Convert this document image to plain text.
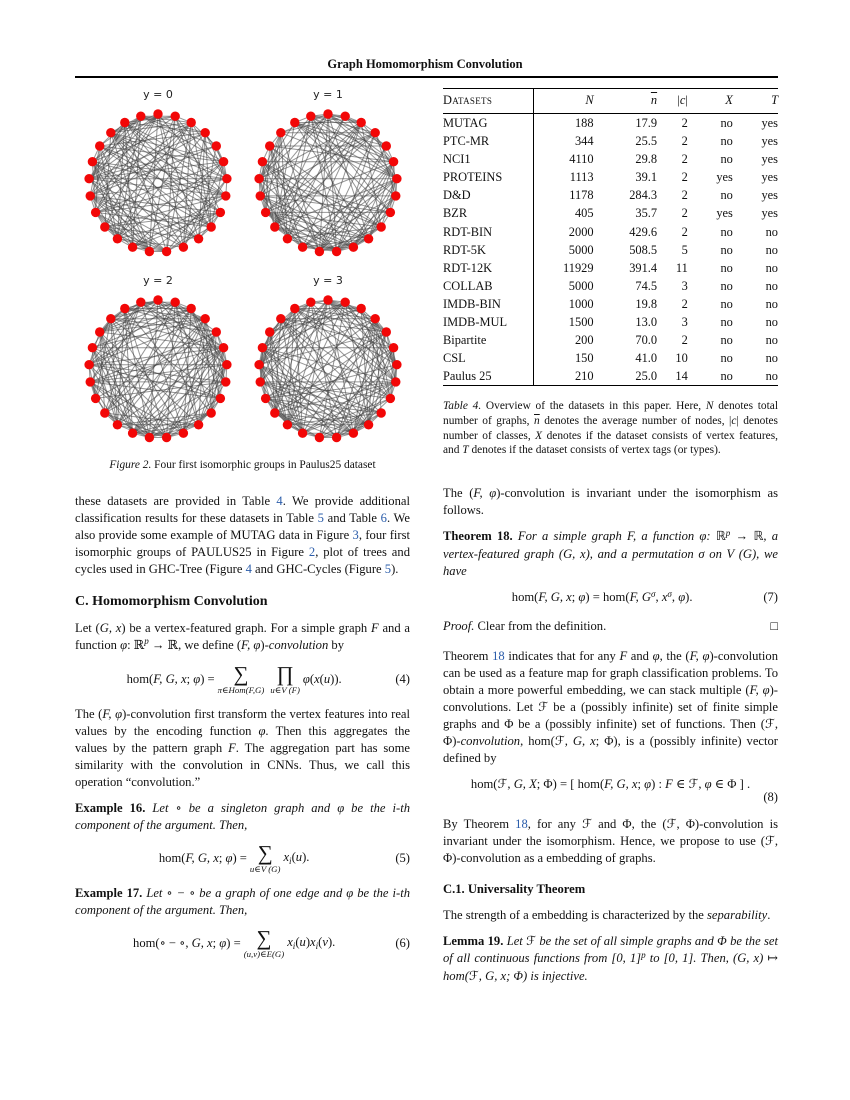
Graph Homomorphism Convolution
y = 0	y = 1
y = 2	y = 3
Figure 2. Four first isomorphic groups in Paulus25 dataset

these datasets are provided in Table 4. We provide additional classification results for these datasets in Table 5 and Table 6. We also provide some example of MUTAG data in Figure 3, four first isomorphic groups of PAULUS25 in Figure 2, plot of trees and cycles used in GHC-Tree (Figure 4 and GHC-Cycles (Figure 5).

C. Homomorphism Convolution

Let (G, x) be a vertex-featured graph. For a simple graph F and a function φ: ℝ$^p$ → ℝ, we define (F, φ)-convolution by

hom(F, G, x; φ) = ∑
π∈Hom(F,G)
∏
u∈V (F)
φ(x(u)).	(4)

The (F, φ)-convolution first transform the vertex features into real values by the encoding function φ. Then this aggregates the values by the pattern graph F. The aggregation part has some similarity with the convolution in CNNs. Thus, we call this operation “convolution.”

Example 16. Let ∘ be a singleton graph and φ be the i-th component of the argument. Then,

hom(F, G, x; φ) = ∑
u∈V (G)
$x_i(u)$.	(5)

Example 17. Let ∘ − ∘ be a graph of one edge and φ be the i-th component of the argument. Then,

hom(∘ − ∘, G, x; φ) = ∑
(u,v)∈E(G)
$x_i(u)x_i(v)$.	(6)
Datasets	N	$\overline{n}$	|c|	X	T
MUTAG	188	17.9	2	no	yes
PTC-MR	344	25.5	2	no	yes
NCI1	4110	29.8	2	no	yes
PROTEINS	1113	39.1	2	yes	yes
D&D	1178	284.3	2	no	yes
BZR	405	35.7	2	yes	yes
RDT-BIN	2000	429.6	2	no	no
RDT-5K	5000	508.5	5	no	no
RDT-12K	11929	391.4	11	no	no
COLLAB	5000	74.5	3	no	no
IMDB-BIN	1000	19.8	2	no	no
IMDB-MUL	1500	13.0	3	no	no
Bipartite	200	70.0	2	no	no
CSL	150	41.0	10	no	no
Paulus 25	210	25.0	14	no	no
Table 4. Overview of the datasets in this paper. Here, N denotes total number of graphs, $\overline{n}$ denotes the average number of nodes, |c| denotes number of classes, X denotes if the dataset consists of vertex features, and T denotes if the dataset consists of vertex tags (or types).

The (F, φ)-convolution is invariant under the isomorphism as follows.

Theorem 18. For a simple graph F, a function φ: ℝ$^p$ → ℝ, a vertex-featured graph (G, x), and a permutation σ on V (G), we have

hom(F, G, x; φ) = hom(F, $G^\sigma$, $x^\sigma$, φ).	(7)
Proof. Clear from the definition.	□

Theorem 18 indicates that for any F and φ, the (F, φ)-convolution can be used as a feature map for graph classification problems. To obtain a more powerful embedding, we can stack multiple (F, φ)-convolutions. Let ℱ be a (possibly infinite) set of finite simple graphs and Φ be a (possibly infinite) set of functions. Then (ℱ, Φ)-convolution, hom(ℱ, G, x; Φ), is a (possibly infinite) vector defined by

hom(ℱ, G, X; Φ) = [ hom(F, G, x; φ) : F ∈ ℱ, φ ∈ Φ ] .
(8)

By Theorem 18, for any ℱ and Φ, the (ℱ, Φ)-convolution is invariant under the isomorphism. Hence, we propose to use (ℱ, Φ)-convolution as a embedding of graphs.

C.1. Universality Theorem

The strength of a embedding is characterized by the separability.

Lemma 19. Let ℱ be the set of all simple graphs and Φ be the set of all continuous functions from [0, 1]$^p$ to [0, 1]. Then, (G, x) ↦ hom(ℱ, G, x; Φ) is injective.
